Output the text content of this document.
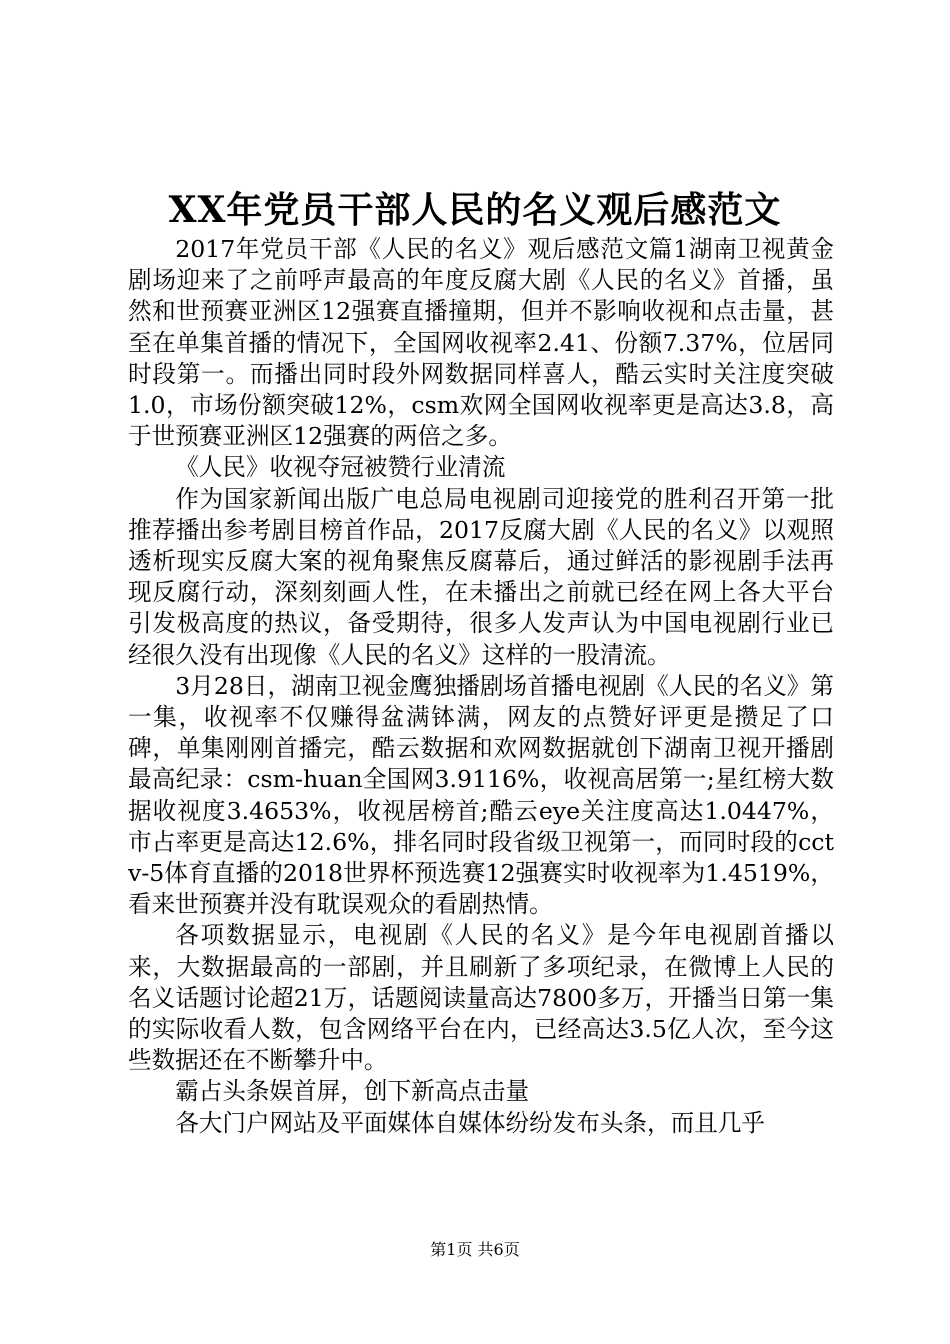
XX年党员干部人民的名义观后感范文

2017年党员干部《人民的名义》观后感范文篇1湖南卫视黄金剧场迎来了之前呼声最高的年度反腐大剧《人民的名义》首播，虽然和世预赛亚洲区12强赛直播撞期，但并不影响收视和点击量，甚至在单集首播的情况下，全国网收视率2.41、份额7.37%，位居同时段第一。而播出同时段外网数据同样喜人，酷云实时关注度突破1.0，市场份额突破12%，csm欢网全国网收视率更是高达3.8，高于世预赛亚洲区12强赛的两倍之多。

《人民》收视夺冠被赞行业清流

作为国家新闻出版广电总局电视剧司迎接党的胜利召开第一批推荐播出参考剧目榜首作品，2017反腐大剧《人民的名义》以观照透析现实反腐大案的视角聚焦反腐幕后，通过鲜活的影视剧手法再现反腐行动，深刻刻画人性，在未播出之前就已经在网上各大平台引发极高度的热议，备受期待，很多人发声认为中国电视剧行业已经很久没有出现像《人民的名义》这样的一股清流。

3月28日，湖南卫视金鹰独播剧场首播电视剧《人民的名义》第一集，收视率不仅赚得盆满钵满，网友的点赞好评更是攒足了口碑，单集刚刚首播完，酷云数据和欢网数据就创下湖南卫视开播剧最高纪录：csm-huan全国网3.9116%，收视高居第一;星红榜大数据收视度3.4653%，收视居榜首;酷云eye关注度高达1.0447%，市占率更是高达12.6%，排名同时段省级卫视第一，而同时段的cctv-5体育直播的2018世界杯预选赛12强赛实时收视率为1.4519%，看来世预赛并没有耽误观众的看剧热情。

各项数据显示，电视剧《人民的名义》是今年电视剧首播以来，大数据最高的一部剧，并且刷新了多项纪录，在微博上人民的名义话题讨论超21万，话题阅读量高达7800多万，开播当日第一集的实际收看人数，包含网络平台在内，已经高达3.5亿人次，至今这些数据还在不断攀升中。

霸占头条娱首屏，创下新高点击量

各大门户网站及平面媒体自媒体纷纷发布头条，而且几乎

第1页 共6页
